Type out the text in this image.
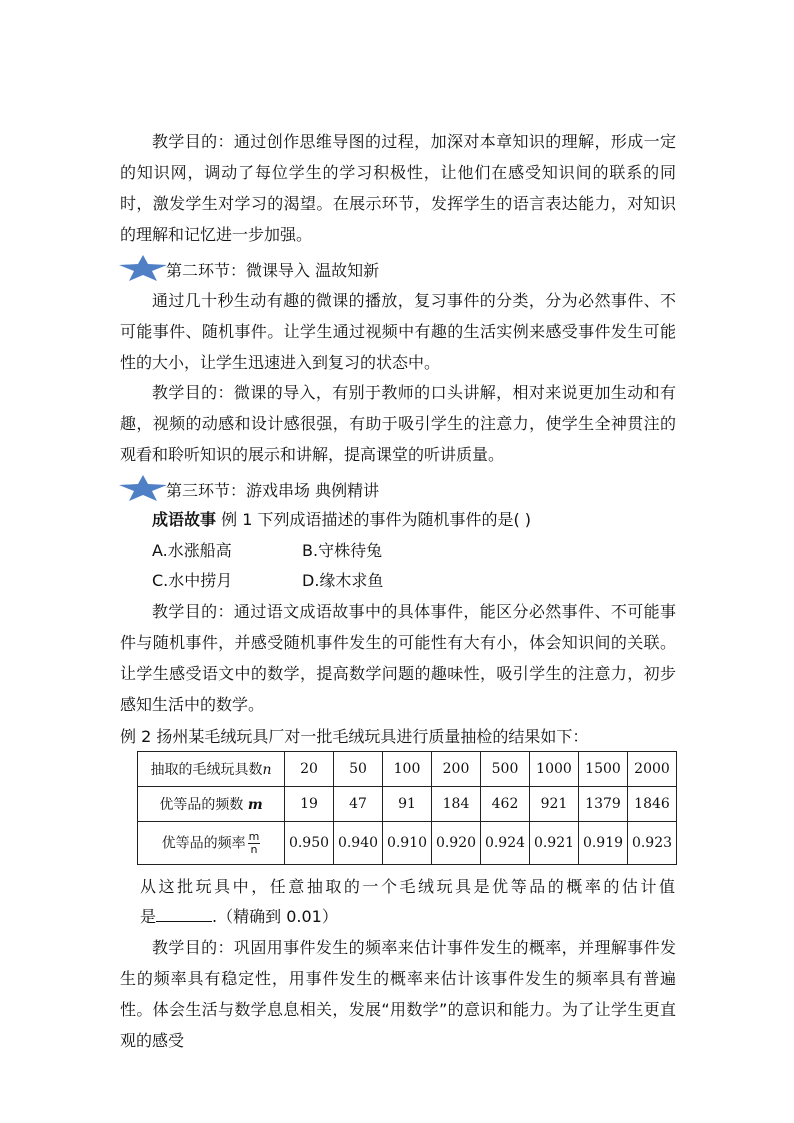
教学目的：通过创作思维导图的过程，加深对本章知识的理解，形成一定的知识网，调动了每位学生的学习积极性，让他们在感受知识间的联系的同时，激发学生对学习的渴望。在展示环节，发挥学生的语言表达能力，对知识的理解和记忆进一步加强。

第二环节：微课导入 温故知新

通过几十秒生动有趣的微课的播放，复习事件的分类，分为必然事件、不可能事件、随机事件。让学生通过视频中有趣的生活实例来感受事件发生可能性的大小，让学生迅速进入到复习的状态中。

教学目的：微课的导入，有别于教师的口头讲解，相对来说更加生动和有趣，视频的动感和设计感很强，有助于吸引学生的注意力，使学生全神贯注的观看和聆听知识的展示和讲解，提高课堂的听讲质量。

第三环节：游戏串场 典例精讲
成语故事 例 1 下列成语描述的事件为随机事件的是( )
A.水涨船高	B.守株待兔
C.水中捞月	D.缘木求鱼

教学目的：通过语文成语故事中的具体事件，能区分必然事件、不可能事件与随机事件，并感受随机事件发生的可能性有大有小，体会知识间的关联。让学生感受语文中的数学，提高数学问题的趣味性，吸引学生的注意力，初步感知生活中的数学。

例 2 扬州某毛绒玩具厂对一批毛绒玩具进行质量抽检的结果如下：
抽取的毛绒玩具数n	20	50	100	200	500	1000	1500	2000
优等品的频数 m	19	47	91	184	462	921	1379	1846
优等品的频率 $\frac{m}{n}$	0.950	0.940	0.910	0.920	0.924	0.921	0.919	0.923
从这批玩具中，任意抽取的一个毛绒玩具是优等品的概率的估计值
是	.（精确到 0.01）

教学目的：巩固用事件发生的频率来估计事件发生的概率，并理解事件发生的频率具有稳定性，用事件发生的概率来估计该事件发生的频率具有普遍性。体会生活与数学息息相关，发展“用数学”的意识和能力。为了让学生更直观的感受
